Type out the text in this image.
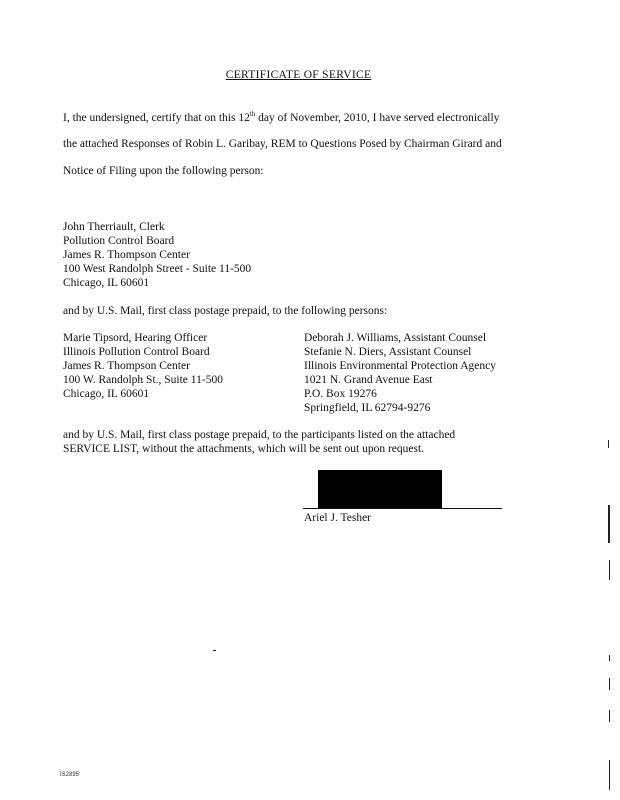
CERTIFICATE OF SERVICE
I, the undersigned, certify that on this 12th day of November, 2010, I have served electronically
the attached Responses of Robin L. Garibay, REM to Questions Posed by Chairman Girard and
Notice of Filing upon the following person:
John Therriault, Clerk
Pollution Control Board
James R. Thompson Center
100 West Randolph Street - Suite 11-500
Chicago, IL 60601
and by U.S. Mail, first class postage prepaid, to the following persons:
Marie Tipsord, Hearing Officer
Illinois Pollution Control Board
James R. Thompson Center
100 W. Randolph St., Suite 11-500
Chicago, IL 60601
Deborah J. Williams, Assistant Counsel
Stefanie N. Diers, Assistant Counsel
Illinois Environmental Protection Agency
1021 N. Grand Avenue East
P.O. Box 19276
Springfield, IL 62794-9276
and by U.S. Mail, first class postage prepaid, to the participants listed on the attached
SERVICE LIST, without the attachments, which will be sent out upon request.
Ariel J. Tesher
IS2895
